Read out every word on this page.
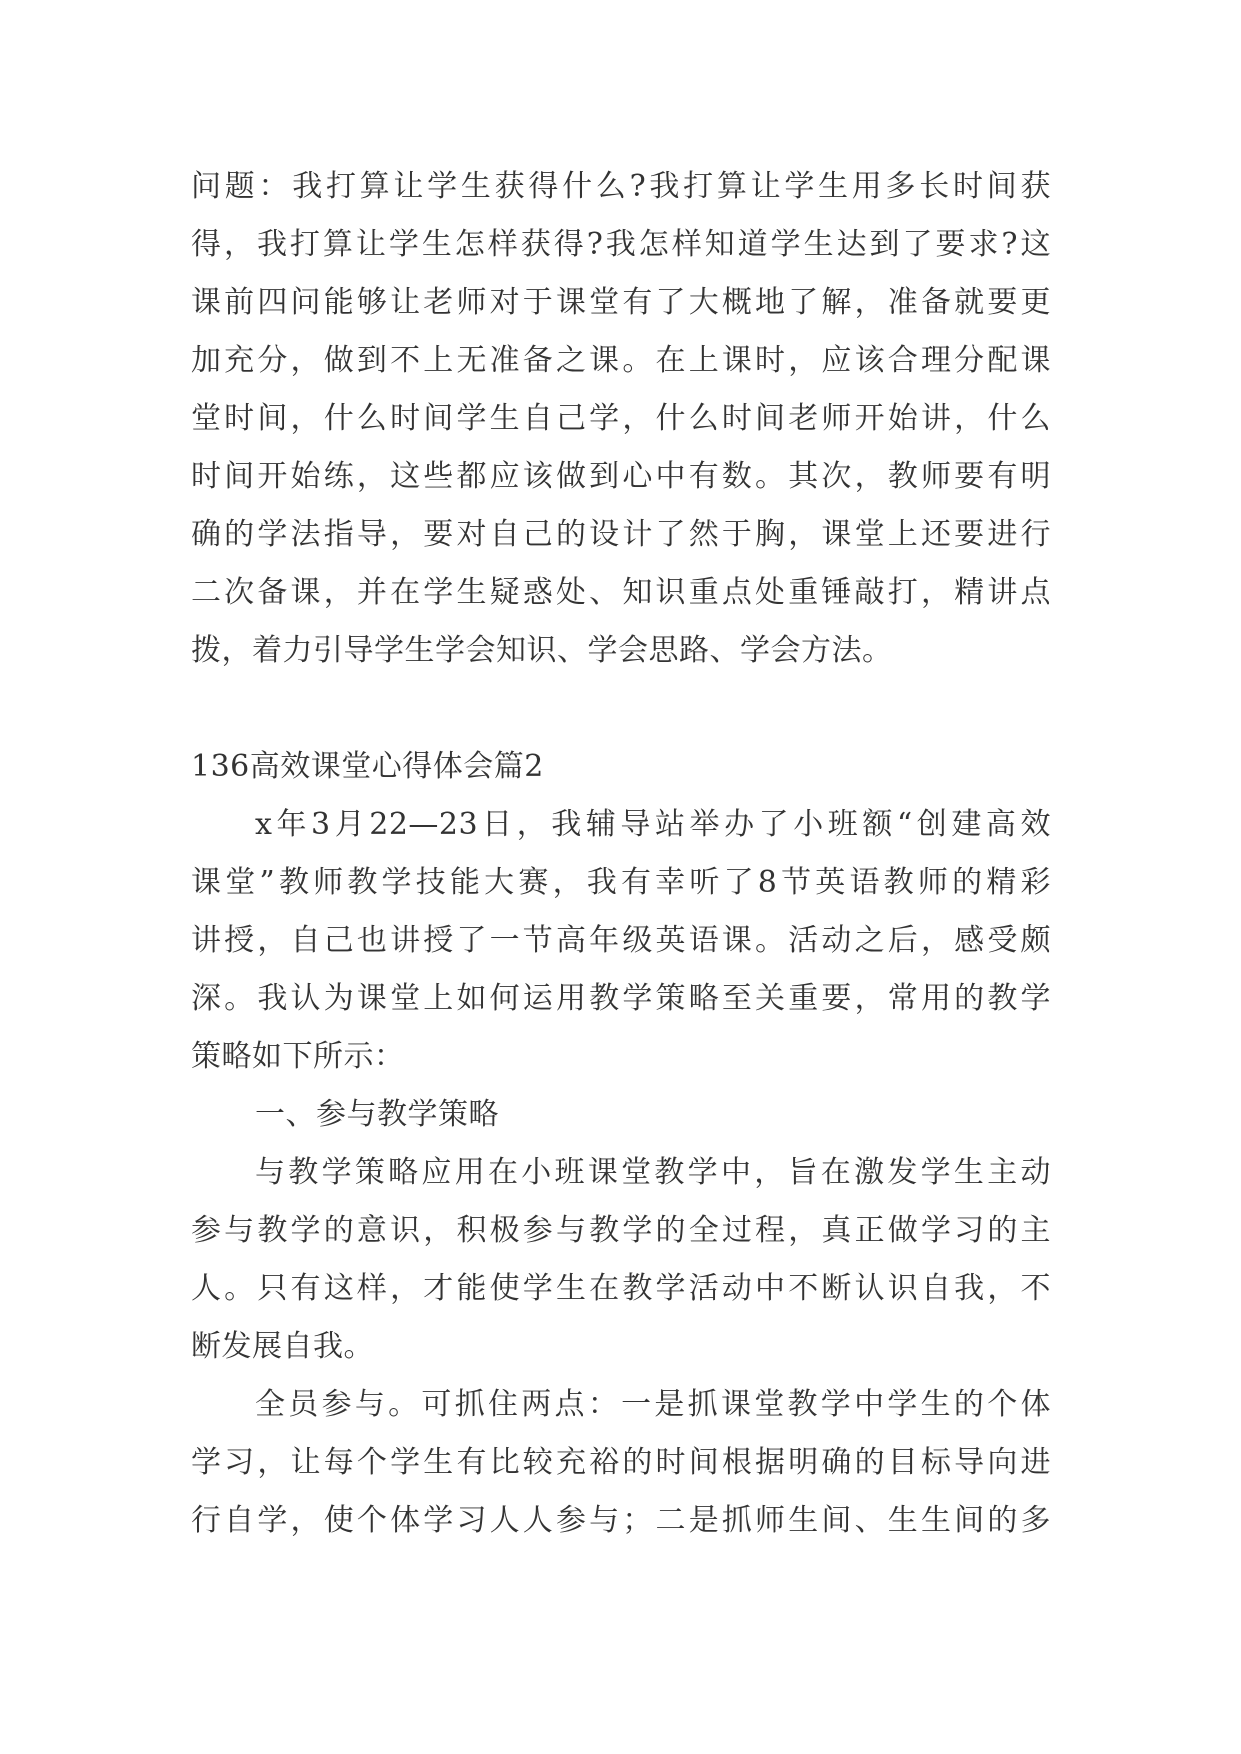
问题：我打算让学生获得什么?我打算让学生用多长时间获
得，我打算让学生怎样获得?我怎样知道学生达到了要求?这
课前四问能够让老师对于课堂有了大概地了解，准备就要更
加充分，做到不上无准备之课。在上课时，应该合理分配课
堂时间，什么时间学生自己学，什么时间老师开始讲，什么
时间开始练，这些都应该做到心中有数。其次，教师要有明
确的学法指导，要对自己的设计了然于胸，课堂上还要进行
二次备课，并在学生疑惑处、知识重点处重锤敲打，精讲点
拨，着力引导学生学会知识、学会思路、学会方法。
136高效课堂心得体会篇2
x年3月22—23日，我辅导站举办了小班额“创建高效
课堂”教师教学技能大赛，我有幸听了8节英语教师的精彩
讲授，自己也讲授了一节高年级英语课。活动之后，感受颇
深。我认为课堂上如何运用教学策略至关重要，常用的教学
策略如下所示：
一、参与教学策略
与教学策略应用在小班课堂教学中，旨在激发学生主动
参与教学的意识，积极参与教学的全过程，真正做学习的主
人。只有这样，才能使学生在教学活动中不断认识自我，不
断发展自我。
全员参与。可抓住两点：一是抓课堂教学中学生的个体
学习，让每个学生有比较充裕的时间根据明确的目标导向进
行自学，使个体学习人人参与；二是抓师生间、生生间的多
